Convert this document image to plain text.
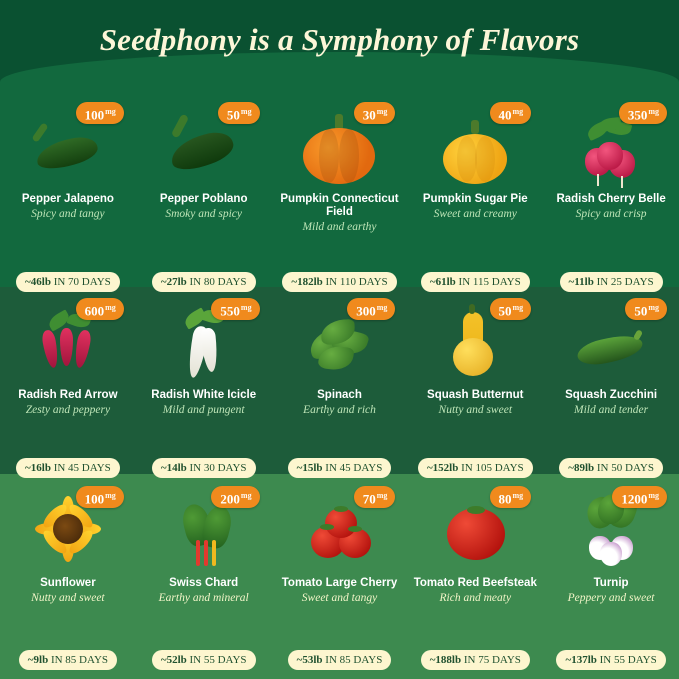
Seedphony is a Symphony of Flavors
$100^{mg}$
Pepper Jalapeno
Spicy and tangy
~46lb IN 70 DAYS
$50^{mg}$
Pepper Poblano
Smoky and spicy
~27lb IN 80 DAYS
$30^{mg}$
Pumpkin Connecticut Field
Mild and earthy
~182lb IN 110 DAYS
$40^{mg}$
Pumpkin Sugar Pie
Sweet and creamy
~61lb IN 115 DAYS
$350^{mg}$
Radish Cherry Belle
Spicy and crisp
~11lb IN 25 DAYS
$600^{mg}$
Radish Red Arrow
Zesty and peppery
~16lb IN 45 DAYS
$550^{mg}$
Radish White Icicle
Mild and pungent
~14lb IN 30 DAYS
$300^{mg}$
Spinach
Earthy and rich
~15lb IN 45 DAYS
$50^{mg}$
Squash Butternut
Nutty and sweet
~152lb IN 105 DAYS
$50^{mg}$
Squash Zucchini
Mild and tender
~89lb IN 50 DAYS
$100^{mg}$
Sunflower
Nutty and sweet
~9lb IN 85 DAYS
$200^{mg}$
Swiss Chard
Earthy and mineral
~52lb IN 55 DAYS
$70^{mg}$
Tomato Large Cherry
Sweet and tangy
~53lb IN 85 DAYS
$80^{mg}$
Tomato Red Beefsteak
Rich and meaty
~188lb IN 75 DAYS
$1200^{mg}$
Turnip
Peppery and sweet
~137lb IN 55 DAYS
